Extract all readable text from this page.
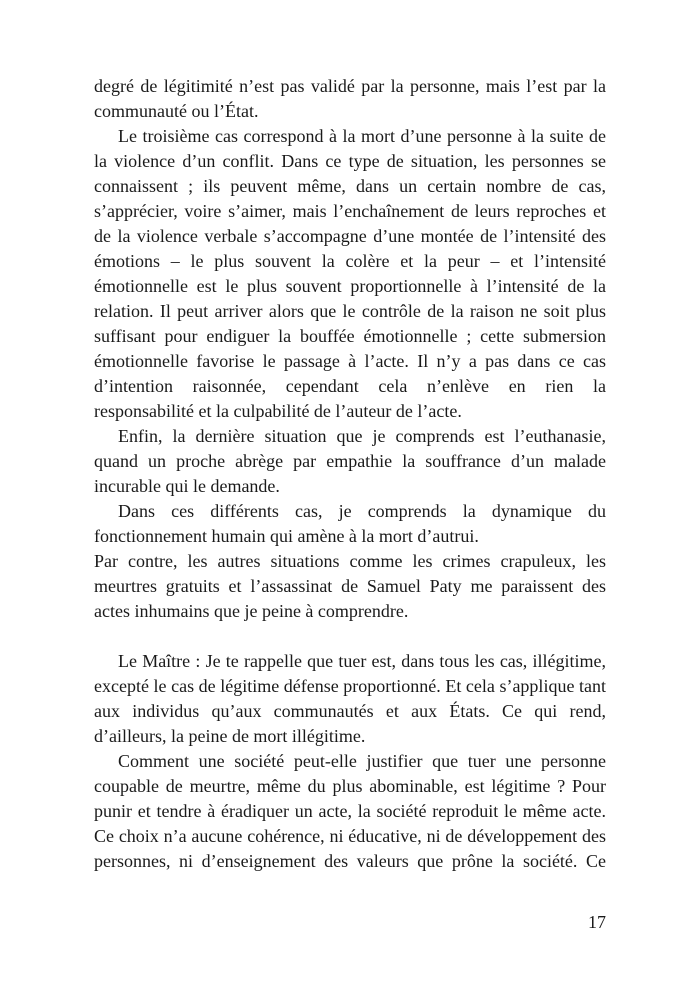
degré de légitimité n’est pas validé par la personne, mais l’est par la
communauté ou l’État.
Le troisième cas correspond à la mort d’une personne à la suite de
la violence d’un conflit. Dans ce type de situation, les personnes se
connaissent ; ils peuvent même, dans un certain nombre de cas,
s’apprécier, voire s’aimer, mais l’enchaînement de leurs reproches et
de la violence verbale s’accompagne d’une montée de l’intensité des
émotions – le plus souvent la colère et la peur – et l’intensité
émotionnelle est le plus souvent proportionnelle à l’intensité de la
relation. Il peut arriver alors que le contrôle de la raison ne soit plus
suffisant pour endiguer la bouffée émotionnelle ; cette submersion
émotionnelle favorise le passage à l’acte. Il n’y a pas dans ce cas
d’intention raisonnée, cependant cela n’enlève en rien la
responsabilité et la culpabilité de l’auteur de l’acte.
Enfin, la dernière situation que je comprends est l’euthanasie,
quand un proche abrège par empathie la souffrance d’un malade
incurable qui le demande.
Dans ces différents cas, je comprends la dynamique du
fonctionnement humain qui amène à la mort d’autrui.
Par contre, les autres situations comme les crimes crapuleux, les
meurtres gratuits et l’assassinat de Samuel Paty me paraissent des
actes inhumains que je peine à comprendre.
Le Maître : Je te rappelle que tuer est, dans tous les cas, illégitime,
excepté le cas de légitime défense proportionné. Et cela s’applique tant
aux individus qu’aux communautés et aux États. Ce qui rend,
d’ailleurs, la peine de mort illégitime.
Comment une société peut-elle justifier que tuer une personne
coupable de meurtre, même du plus abominable, est légitime ? Pour
punir et tendre à éradiquer un acte, la société reproduit le même acte.
Ce choix n’a aucune cohérence, ni éducative, ni de développement des
personnes, ni d’enseignement des valeurs que prône la société. Ce
17
